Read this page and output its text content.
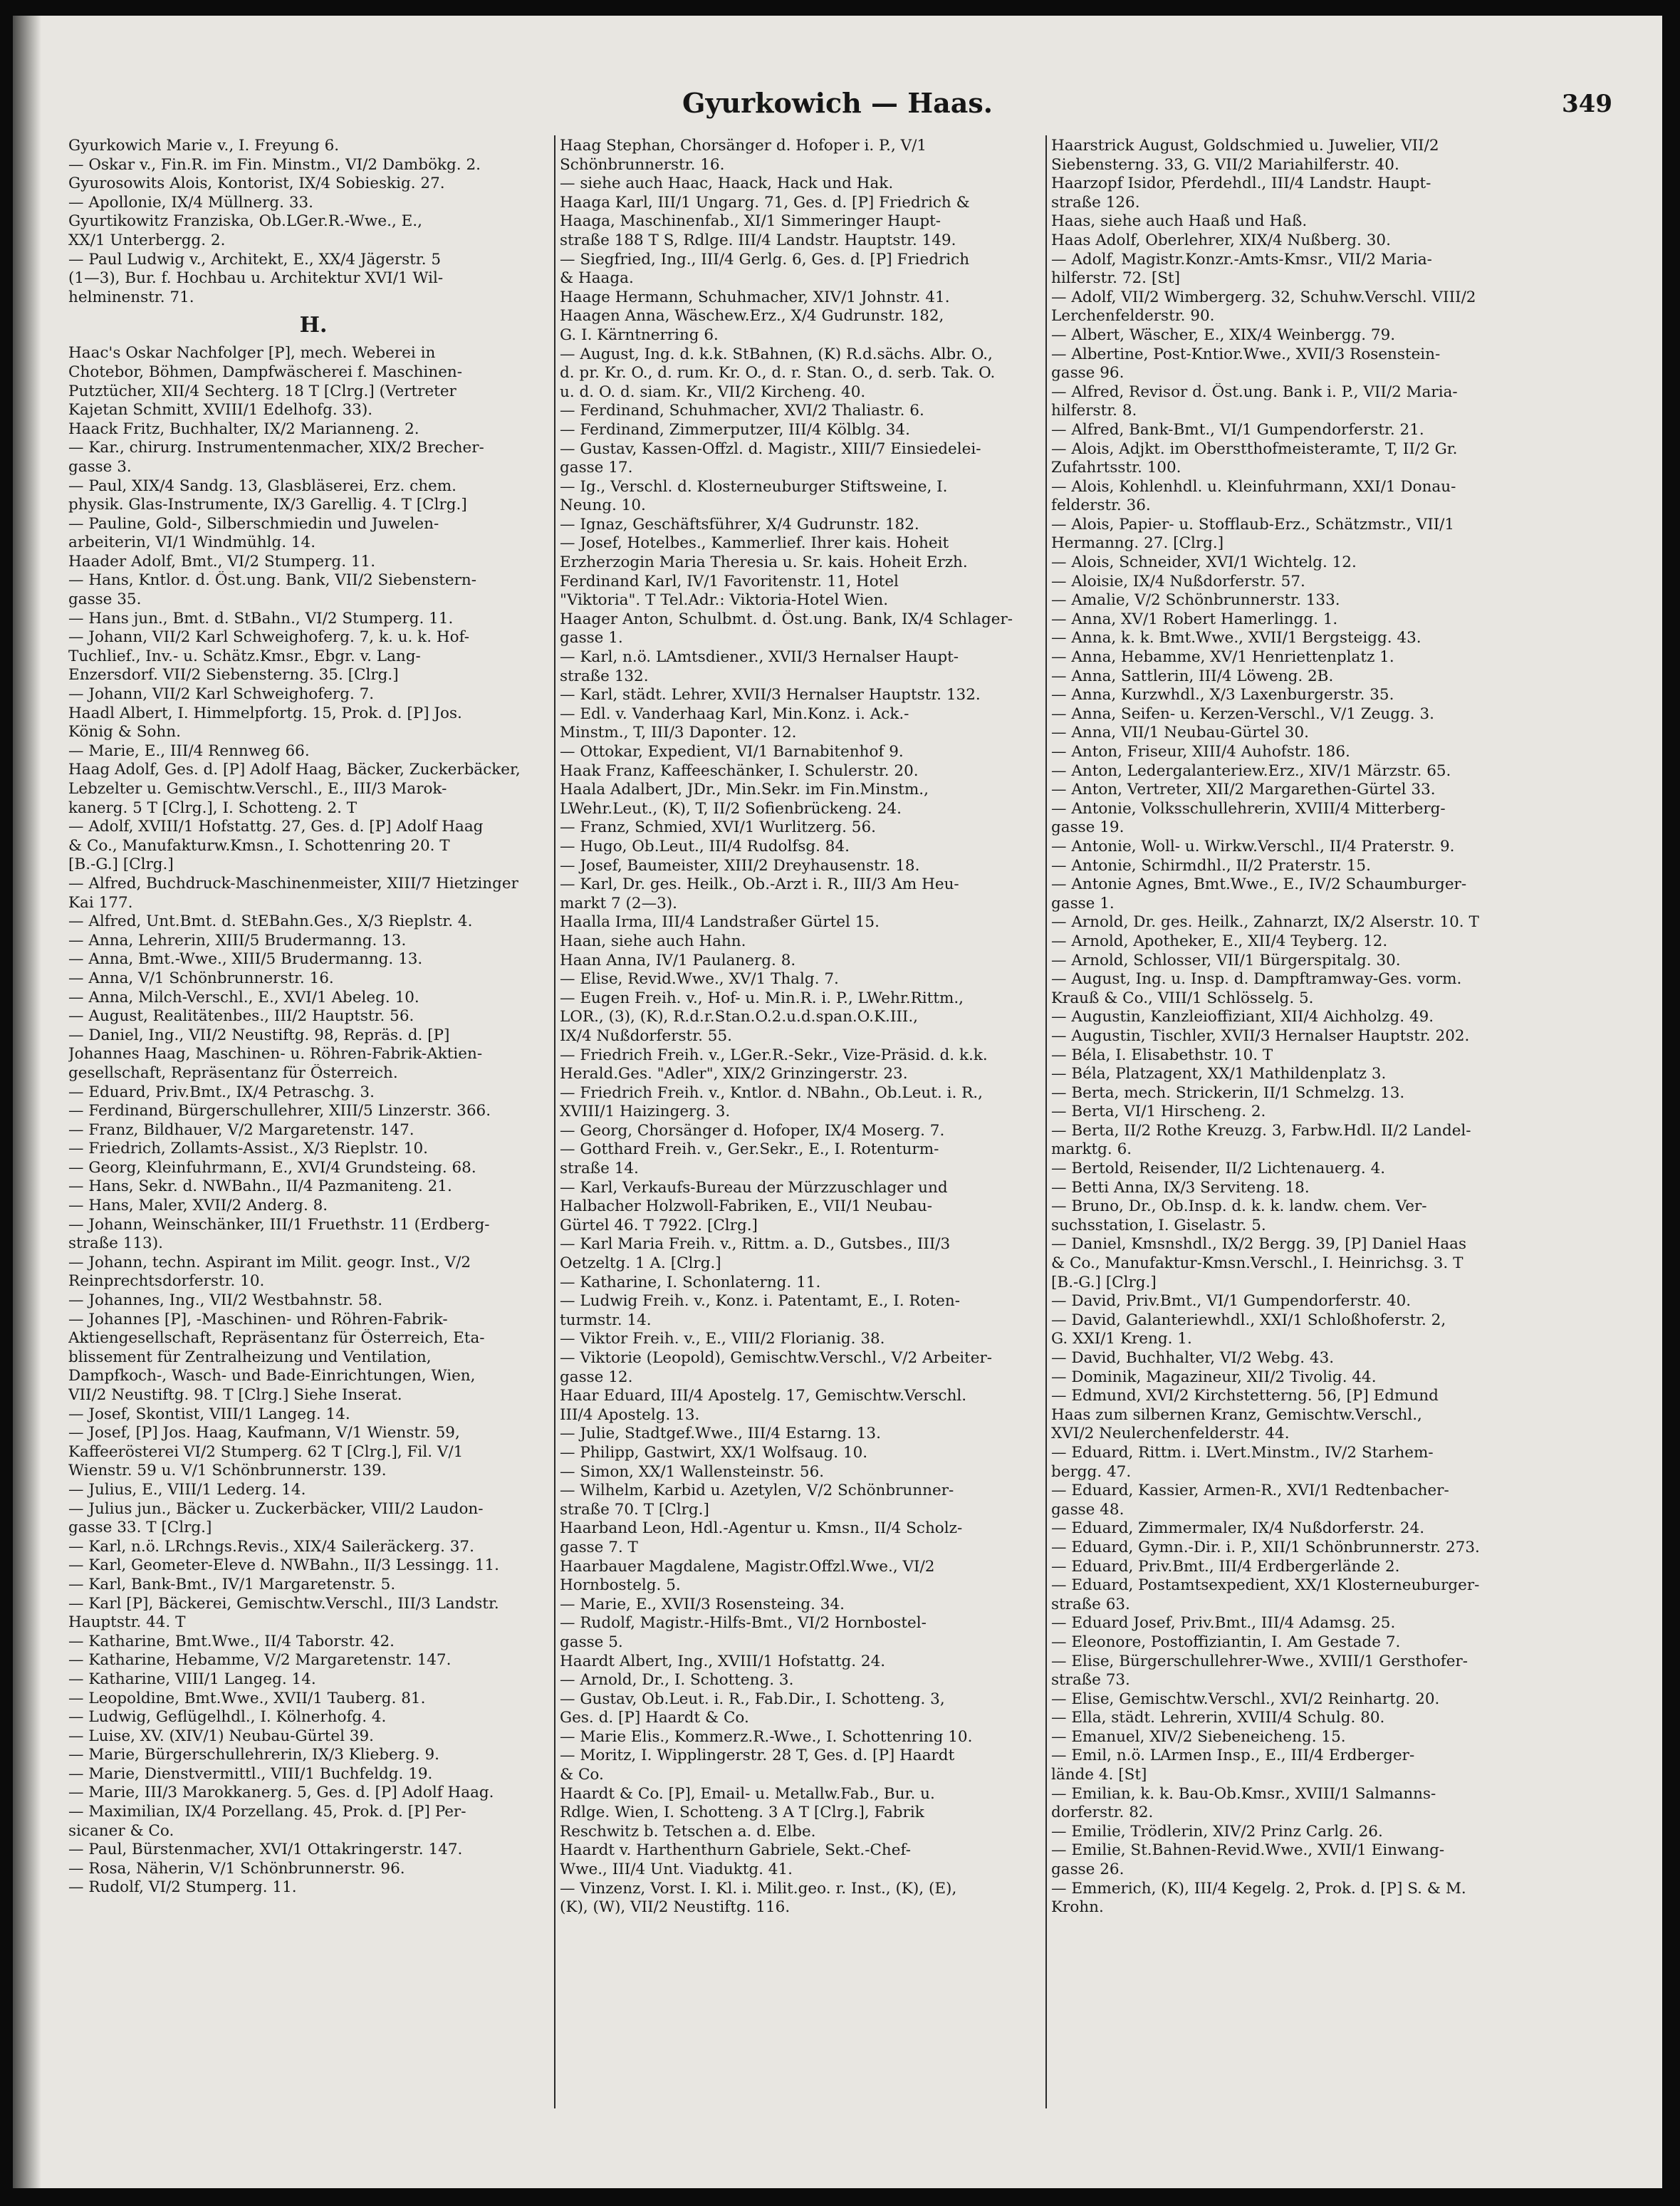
Gyurkowich — Haas.	349
Gyurkowich Marie v., I. Freyung 6.
— Oskar v., Fin.R. im Fin. Minstm., VI/2 Dambökg. 2.
Gyurosowits Alois, Kontorist, IX/4 Sobieskig. 27.
— Apollonie, IX/4 Müllnerg. 33.
Gyurtikowitz Franziska, Ob.LGer.R.-Wwe., E.,
XX/1 Unterbergg. 2.
— Paul Ludwig v., Architekt, E., XX/4 Jägerstr. 5
(1—3), Bur. f. Hochbau u. Architektur XVI/1 Wil-
helminenstr. 71.
H.
Haac's Oskar Nachfolger [P], mech. Weberei in
Chotebor, Böhmen, Dampfwäscherei f. Maschinen-
Putztücher, XII/4 Sechterg. 18 T [Clrg.] (Vertreter
Kajetan Schmitt, XVIII/1 Edelhofg. 33).
Haack Fritz, Buchhalter, IX/2 Marianneng. 2.
— Kar., chirurg. Instrumentenmacher, XIX/2 Brecher-
gasse 3.
— Paul, XIX/4 Sandg. 13, Glasbläserei, Erz. chem.
physik. Glas-Instrumente, IX/3 Garellig. 4. T [Clrg.]
— Pauline, Gold-, Silberschmiedin und Juwelen-
arbeiterin, VI/1 Windmühlg. 14.
Haader Adolf, Bmt., VI/2 Stumperg. 11.
— Hans, Kntlor. d. Öst.ung. Bank, VII/2 Siebenstern-
gasse 35.
— Hans jun., Bmt. d. StBahn., VI/2 Stumperg. 11.
— Johann, VII/2 Karl Schweighoferg. 7, k. u. k. Hof-
Tuchlief., Inv.- u. Schätz.Kmsr., Ebgr. v. Lang-
Enzersdorf. VII/2 Siebensterng. 35. [Clrg.]
— Johann, VII/2 Karl Schweighoferg. 7.
Haadl Albert, I. Himmelpfortg. 15, Prok. d. [P] Jos.
König & Sohn.
— Marie, E., III/4 Rennweg 66.
Haag Adolf, Ges. d. [P] Adolf Haag, Bäcker, Zuckerbäcker,
Lebzelter u. Gemischtw.Verschl., E., III/3 Marok-
kanerg. 5 T [Clrg.], I. Schotteng. 2. T
— Adolf, XVIII/1 Hofstattg. 27, Ges. d. [P] Adolf Haag
& Co., Manufakturw.Kmsn., I. Schottenring 20. T
[B.-G.] [Clrg.]
— Alfred, Buchdruck-Maschinenmeister, XIII/7 Hietzinger
Kai 177.
— Alfred, Unt.Bmt. d. StEBahn.Ges., X/3 Rieplstr. 4.
— Anna, Lehrerin, XIII/5 Brudermanng. 13.
— Anna, Bmt.-Wwe., XIII/5 Brudermanng. 13.
— Anna, V/1 Schönbrunnerstr. 16.
— Anna, Milch-Verschl., E., XVI/1 Abeleg. 10.
— August, Realitätenbes., III/2 Hauptstr. 56.
— Daniel, Ing., VII/2 Neustiftg. 98, Repräs. d. [P]
Johannes Haag, Maschinen- u. Röhren-Fabrik-Aktien-
gesellschaft, Repräsentanz für Österreich.
— Eduard, Priv.Bmt., IX/4 Petraschg. 3.
— Ferdinand, Bürgerschullehrer, XIII/5 Linzerstr. 366.
— Franz, Bildhauer, V/2 Margaretenstr. 147.
— Friedrich, Zollamts-Assist., X/3 Rieplstr. 10.
— Georg, Kleinfuhrmann, E., XVI/4 Grundsteing. 68.
— Hans, Sekr. d. NWBahn., II/4 Pazmaniteng. 21.
— Hans, Maler, XVII/2 Anderg. 8.
— Johann, Weinschänker, III/1 Fruethstr. 11 (Erdberg-
straße 113).
— Johann, techn. Aspirant im Milit. geogr. Inst., V/2
Reinprechtsdorferstr. 10.
— Johannes, Ing., VII/2 Westbahnstr. 58.
— Johannes [P], -Maschinen- und Röhren-Fabrik-
Aktiengesellschaft, Repräsentanz für Österreich, Eta-
blissement für Zentralheizung und Ventilation,
Dampfkoch-, Wasch- und Bade-Einrichtungen, Wien,
VII/2 Neustiftg. 98. T [Clrg.] Siehe Inserat.
— Josef, Skontist, VIII/1 Langeg. 14.
— Josef, [P] Jos. Haag, Kaufmann, V/1 Wienstr. 59,
Kaffeerösterei VI/2 Stumperg. 62 T [Clrg.], Fil. V/1
Wienstr. 59 u. V/1 Schönbrunnerstr. 139.
— Julius, E., VIII/1 Lederg. 14.
— Julius jun., Bäcker u. Zuckerbäcker, VIII/2 Laudon-
gasse 33. T [Clrg.]
— Karl, n.ö. LRchngs.Revis., XIX/4 Saileräckerg. 37.
— Karl, Geometer-Eleve d. NWBahn., II/3 Lessingg. 11.
— Karl, Bank-Bmt., IV/1 Margaretenstr. 5.
— Karl [P], Bäckerei, Gemischtw.Verschl., III/3 Landstr.
Hauptstr. 44. T
— Katharine, Bmt.Wwe., II/4 Taborstr. 42.
— Katharine, Hebamme, V/2 Margaretenstr. 147.
— Katharine, VIII/1 Langeg. 14.
— Leopoldine, Bmt.Wwe., XVII/1 Tauberg. 81.
— Ludwig, Geflügelhdl., I. Kölnerhofg. 4.
— Luise, XV. (XIV/1) Neubau-Gürtel 39.
— Marie, Bürgerschullehrerin, IX/3 Klieberg. 9.
— Marie, Dienstvermittl., VIII/1 Buchfeldg. 19.
— Marie, III/3 Marokkanerg. 5, Ges. d. [P] Adolf Haag.
— Maximilian, IX/4 Porzellang. 45, Prok. d. [P] Per-
sicaner & Co.
— Paul, Bürstenmacher, XVI/1 Ottakringerstr. 147.
— Rosa, Näherin, V/1 Schönbrunnerstr. 96.
— Rudolf, VI/2 Stumperg. 11.
Haag Stephan, Chorsänger d. Hofoper i. P., V/1
Schönbrunnerstr. 16.
— siehe auch Haac, Haack, Hack und Hak.
Haaga Karl, III/1 Ungarg. 71, Ges. d. [P] Friedrich &
Haaga, Maschinenfab., XI/1 Simmeringer Haupt-
straße 188 T S, Rdlge. III/4 Landstr. Hauptstr. 149.
— Siegfried, Ing., III/4 Gerlg. 6, Ges. d. [P] Friedrich
& Haaga.
Haage Hermann, Schuhmacher, XIV/1 Johnstr. 41.
Haagen Anna, Wäschew.Erz., X/4 Gudrunstr. 182,
G. I. Kärntnerring 6.
— August, Ing. d. k.k. StBahnen, (K) R.d.sächs. Albr. O.,
d. pr. Kr. O., d. rum. Kr. O., d. r. Stan. O., d. serb. Tak. O.
u. d. O. d. siam. Kr., VII/2 Kircheng. 40.
— Ferdinand, Schuhmacher, XVI/2 Thaliastr. 6.
— Ferdinand, Zimmerputzer, III/4 Kölblg. 34.
— Gustav, Kassen-Offzl. d. Magistr., XIII/7 Einsiedelei-
gasse 17.
— Ig., Verschl. d. Klosterneuburger Stiftsweine, I.
Neung. 10.
— Ignaz, Geschäftsführer, X/4 Gudrunstr. 182.
— Josef, Hotelbes., Kammerlief. Ihrer kais. Hoheit
Erzherzogin Maria Theresia u. Sr. kais. Hoheit Erzh.
Ferdinand Karl, IV/1 Favoritenstr. 11, Hotel
"Viktoria". T Tel.Adr.: Viktoria-Hotel Wien.
Haager Anton, Schulbmt. d. Öst.ung. Bank, IX/4 Schlager-
gasse 1.
— Karl, n.ö. LAmtsdiener., XVII/3 Hernalser Haupt-
straße 132.
— Karl, städt. Lehrer, XVII/3 Hernalser Hauptstr. 132.
— Edl. v. Vanderhaag Karl, Min.Konz. i. Ack.-
Minstm., T, III/3 Dapontег. 12.
— Ottokar, Expedient, VI/1 Barnabitenhof 9.
Haak Franz, Kaffeeschänker, I. Schulerstr. 20.
Haala Adalbert, JDr., Min.Sekr. im Fin.Minstm.,
LWehr.Leut., (K), T, II/2 Sofienbrückeng. 24.
— Franz, Schmied, XVI/1 Wurlitzerg. 56.
— Hugo, Ob.Leut., III/4 Rudolfsg. 84.
— Josef, Baumeister, XIII/2 Dreyhausenstr. 18.
— Karl, Dr. ges. Heilk., Ob.-Arzt i. R., III/3 Am Heu-
markt 7 (2—3).
Haalla Irma, III/4 Landstraßer Gürtel 15.
Haan, siehe auch Hahn.
Haan Anna, IV/1 Paulanerg. 8.
— Elise, Revid.Wwe., XV/1 Thalg. 7.
— Eugen Freih. v., Hof- u. Min.R. i. P., LWehr.Rittm.,
LOR., (3), (K), R.d.r.Stan.O.2.u.d.span.O.K.III.,
IX/4 Nußdorferstr. 55.
— Friedrich Freih. v., LGer.R.-Sekr., Vize-Präsid. d. k.k.
Herald.Ges. "Adler", XIX/2 Grinzingerstr. 23.
— Friedrich Freih. v., Kntlor. d. NBahn., Ob.Leut. i. R.,
XVIII/1 Haizingerg. 3.
— Georg, Chorsänger d. Hofoper, IX/4 Moserg. 7.
— Gotthard Freih. v., Ger.Sekr., E., I. Rotenturm-
straße 14.
— Karl, Verkaufs-Bureau der Mürzzuschlager und
Halbacher Holzwoll-Fabriken, E., VII/1 Neubau-
Gürtel 46. T 7922. [Clrg.]
— Karl Maria Freih. v., Rittm. a. D., Gutsbes., III/3
Oetzeltg. 1 A. [Clrg.]
— Katharine, I. Schonlaterng. 11.
— Ludwig Freih. v., Konz. i. Patentamt, E., I. Roten-
turmstr. 14.
— Viktor Freih. v., E., VIII/2 Florianig. 38.
— Viktorie (Leopold), Gemischtw.Verschl., V/2 Arbeiter-
gasse 12.
Haar Eduard, III/4 Apostelg. 17, Gemischtw.Verschl.
III/4 Apostelg. 13.
— Julie, Stadtgef.Wwe., III/4 Estarng. 13.
— Philipp, Gastwirt, XX/1 Wolfsaug. 10.
— Simon, XX/1 Wallensteinstr. 56.
— Wilhelm, Karbid u. Azetylen, V/2 Schönbrunner-
straße 70. T [Clrg.]
Haarband Leon, Hdl.-Agentur u. Kmsn., II/4 Scholz-
gasse 7. T
Haarbauer Magdalene, Magistr.Offzl.Wwe., VI/2
Hornbostelg. 5.
— Marie, E., XVII/3 Rosensteing. 34.
— Rudolf, Magistr.-Hilfs-Bmt., VI/2 Hornbostel-
gasse 5.
Haardt Albert, Ing., XVIII/1 Hofstattg. 24.
— Arnold, Dr., I. Schotteng. 3.
— Gustav, Ob.Leut. i. R., Fab.Dir., I. Schotteng. 3,
Ges. d. [P] Haardt & Co.
— Marie Elis., Kommerz.R.-Wwe., I. Schottenring 10.
— Moritz, I. Wipplingerstr. 28 T, Ges. d. [P] Haardt
& Co.
Haardt & Co. [P], Email- u. Metallw.Fab., Bur. u.
Rdlge. Wien, I. Schotteng. 3 A T [Clrg.], Fabrik
Reschwitz b. Tetschen a. d. Elbe.
Haardt v. Harthenthurn Gabriele, Sekt.-Chef-
Wwe., III/4 Unt. Viaduktg. 41.
— Vinzenz, Vorst. I. Kl. i. Milit.geo. r. Inst., (K), (E),
(K), (W), VII/2 Neustiftg. 116.
Haarstrick August, Goldschmied u. Juwelier, VII/2
Siebensterng. 33, G. VII/2 Mariahilferstr. 40.
Haarzopf Isidor, Pferdehdl., III/4 Landstr. Haupt-
straße 126.
Haas, siehe auch Haaß und Haß.
Haas Adolf, Oberlehrer, XIX/4 Nußberg. 30.
— Adolf, Magistr.Konzr.-Amts-Kmsr., VII/2 Maria-
hilferstr. 72. [St]
— Adolf, VII/2 Wimbergerg. 32, Schuhw.Verschl. VIII/2
Lerchenfelderstr. 90.
— Albert, Wäscher, E., XIX/4 Weinbergg. 79.
— Albertine, Post-Kntior.Wwe., XVII/3 Rosenstein-
gasse 96.
— Alfred, Revisor d. Öst.ung. Bank i. P., VII/2 Maria-
hilferstr. 8.
— Alfred, Bank-Bmt., VI/1 Gumpendorferstr. 21.
— Alois, Adjkt. im Oberstthofmeisteramte, T, II/2 Gr.
Zufahrtsstr. 100.
— Alois, Kohlenhdl. u. Kleinfuhrmann, XXI/1 Donau-
felderstr. 36.
— Alois, Papier- u. Stofflaub-Erz., Schätzmstr., VII/1
Hermanng. 27. [Clrg.]
— Alois, Schneider, XVI/1 Wichtelg. 12.
— Aloisie, IX/4 Nußdorferstr. 57.
— Amalie, V/2 Schönbrunnerstr. 133.
— Anna, XV/1 Robert Hamerlingg. 1.
— Anna, k. k. Bmt.Wwe., XVII/1 Bergsteigg. 43.
— Anna, Hebamme, XV/1 Henriettenplatz 1.
— Anna, Sattlerin, III/4 Löweng. 2B.
— Anna, Kurzwhdl., X/3 Laxenburgerstr. 35.
— Anna, Seifen- u. Kerzen-Verschl., V/1 Zeugg. 3.
— Anna, VII/1 Neubau-Gürtel 30.
— Anton, Friseur, XIII/4 Auhofstr. 186.
— Anton, Ledergalanteriew.Erz., XIV/1 Märzstr. 65.
— Anton, Vertreter, XII/2 Margarethen-Gürtel 33.
— Antonie, Volksschullehrerin, XVIII/4 Mitterberg-
gasse 19.
— Antonie, Woll- u. Wirkw.Verschl., II/4 Praterstr. 9.
— Antonie, Schirmdhl., II/2 Praterstr. 15.
— Antonie Agnes, Bmt.Wwe., E., IV/2 Schaumburger-
gasse 1.
— Arnold, Dr. ges. Heilk., Zahnarzt, IX/2 Alserstr. 10. T
— Arnold, Apotheker, E., XII/4 Teyberg. 12.
— Arnold, Schlosser, VII/1 Bürgerspitalg. 30.
— August, Ing. u. Insp. d. Dampftramway-Ges. vorm.
Krauß & Co., VIII/1 Schlösselg. 5.
— Augustin, Kanzleioffiziant, XII/4 Aichholzg. 49.
— Augustin, Tischler, XVII/3 Hernalser Hauptstr. 202.
— Béla, I. Elisabethstr. 10. T
— Béla, Platzagent, XX/1 Mathildenplatz 3.
— Berta, mech. Strickerin, II/1 Schmelzg. 13.
— Berta, VI/1 Hirscheng. 2.
— Berta, II/2 Rothe Kreuzg. 3, Farbw.Hdl. II/2 Landel-
marktg. 6.
— Bertold, Reisender, II/2 Lichtenauerg. 4.
— Betti Anna, IX/3 Serviteng. 18.
— Bruno, Dr., Ob.Insp. d. k. k. landw. chem. Ver-
suchsstation, I. Giselastr. 5.
— Daniel, Kmsnshdl., IX/2 Bergg. 39, [P] Daniel Haas
& Co., Manufaktur-Kmsn.Verschl., I. Heinrichsg. 3. T
[B.-G.] [Clrg.]
— David, Priv.Bmt., VI/1 Gumpendorferstr. 40.
— David, Galanteriewhdl., XXI/1 Schloßhoferstr. 2,
G. XXI/1 Kreng. 1.
— David, Buchhalter, VI/2 Webg. 43.
— Dominik, Magazineur, XII/2 Tivolig. 44.
— Edmund, XVI/2 Kirchstetterng. 56, [P] Edmund
Haas zum silbernen Kranz, Gemischtw.Verschl.,
XVI/2 Neulerchenfelderstr. 44.
— Eduard, Rittm. i. LVert.Minstm., IV/2 Starhem-
bergg. 47.
— Eduard, Kassier, Armen-R., XVI/1 Redtenbacher-
gasse 48.
— Eduard, Zimmermaler, IX/4 Nußdorferstr. 24.
— Eduard, Gymn.-Dir. i. P., XII/1 Schönbrunnerstr. 273.
— Eduard, Priv.Bmt., III/4 Erdbergerlände 2.
— Eduard, Postamtsexpedient, XX/1 Klosterneuburger-
straße 63.
— Eduard Josef, Priv.Bmt., III/4 Adamsg. 25.
— Eleonore, Postoffiziantin, I. Am Gestade 7.
— Elise, Bürgerschullehrer-Wwe., XVIII/1 Gersthofer-
straße 73.
— Elise, Gemischtw.Verschl., XVI/2 Reinhartg. 20.
— Ella, städt. Lehrerin, XVIII/4 Schulg. 80.
— Emanuel, XIV/2 Siebeneicheng. 15.
— Emil, n.ö. LArmen Insp., E., III/4 Erdberger-
lände 4. [St]
— Emilian, k. k. Bau-Ob.Kmsr., XVIII/1 Salmanns-
dorferstr. 82.
— Emilie, Trödlerin, XIV/2 Prinz Carlg. 26.
— Emilie, St.Bahnen-Revid.Wwe., XVII/1 Einwang-
gasse 26.
— Emmerich, (K), III/4 Kegelg. 2, Prok. d. [P] S. & M.
Krohn.
